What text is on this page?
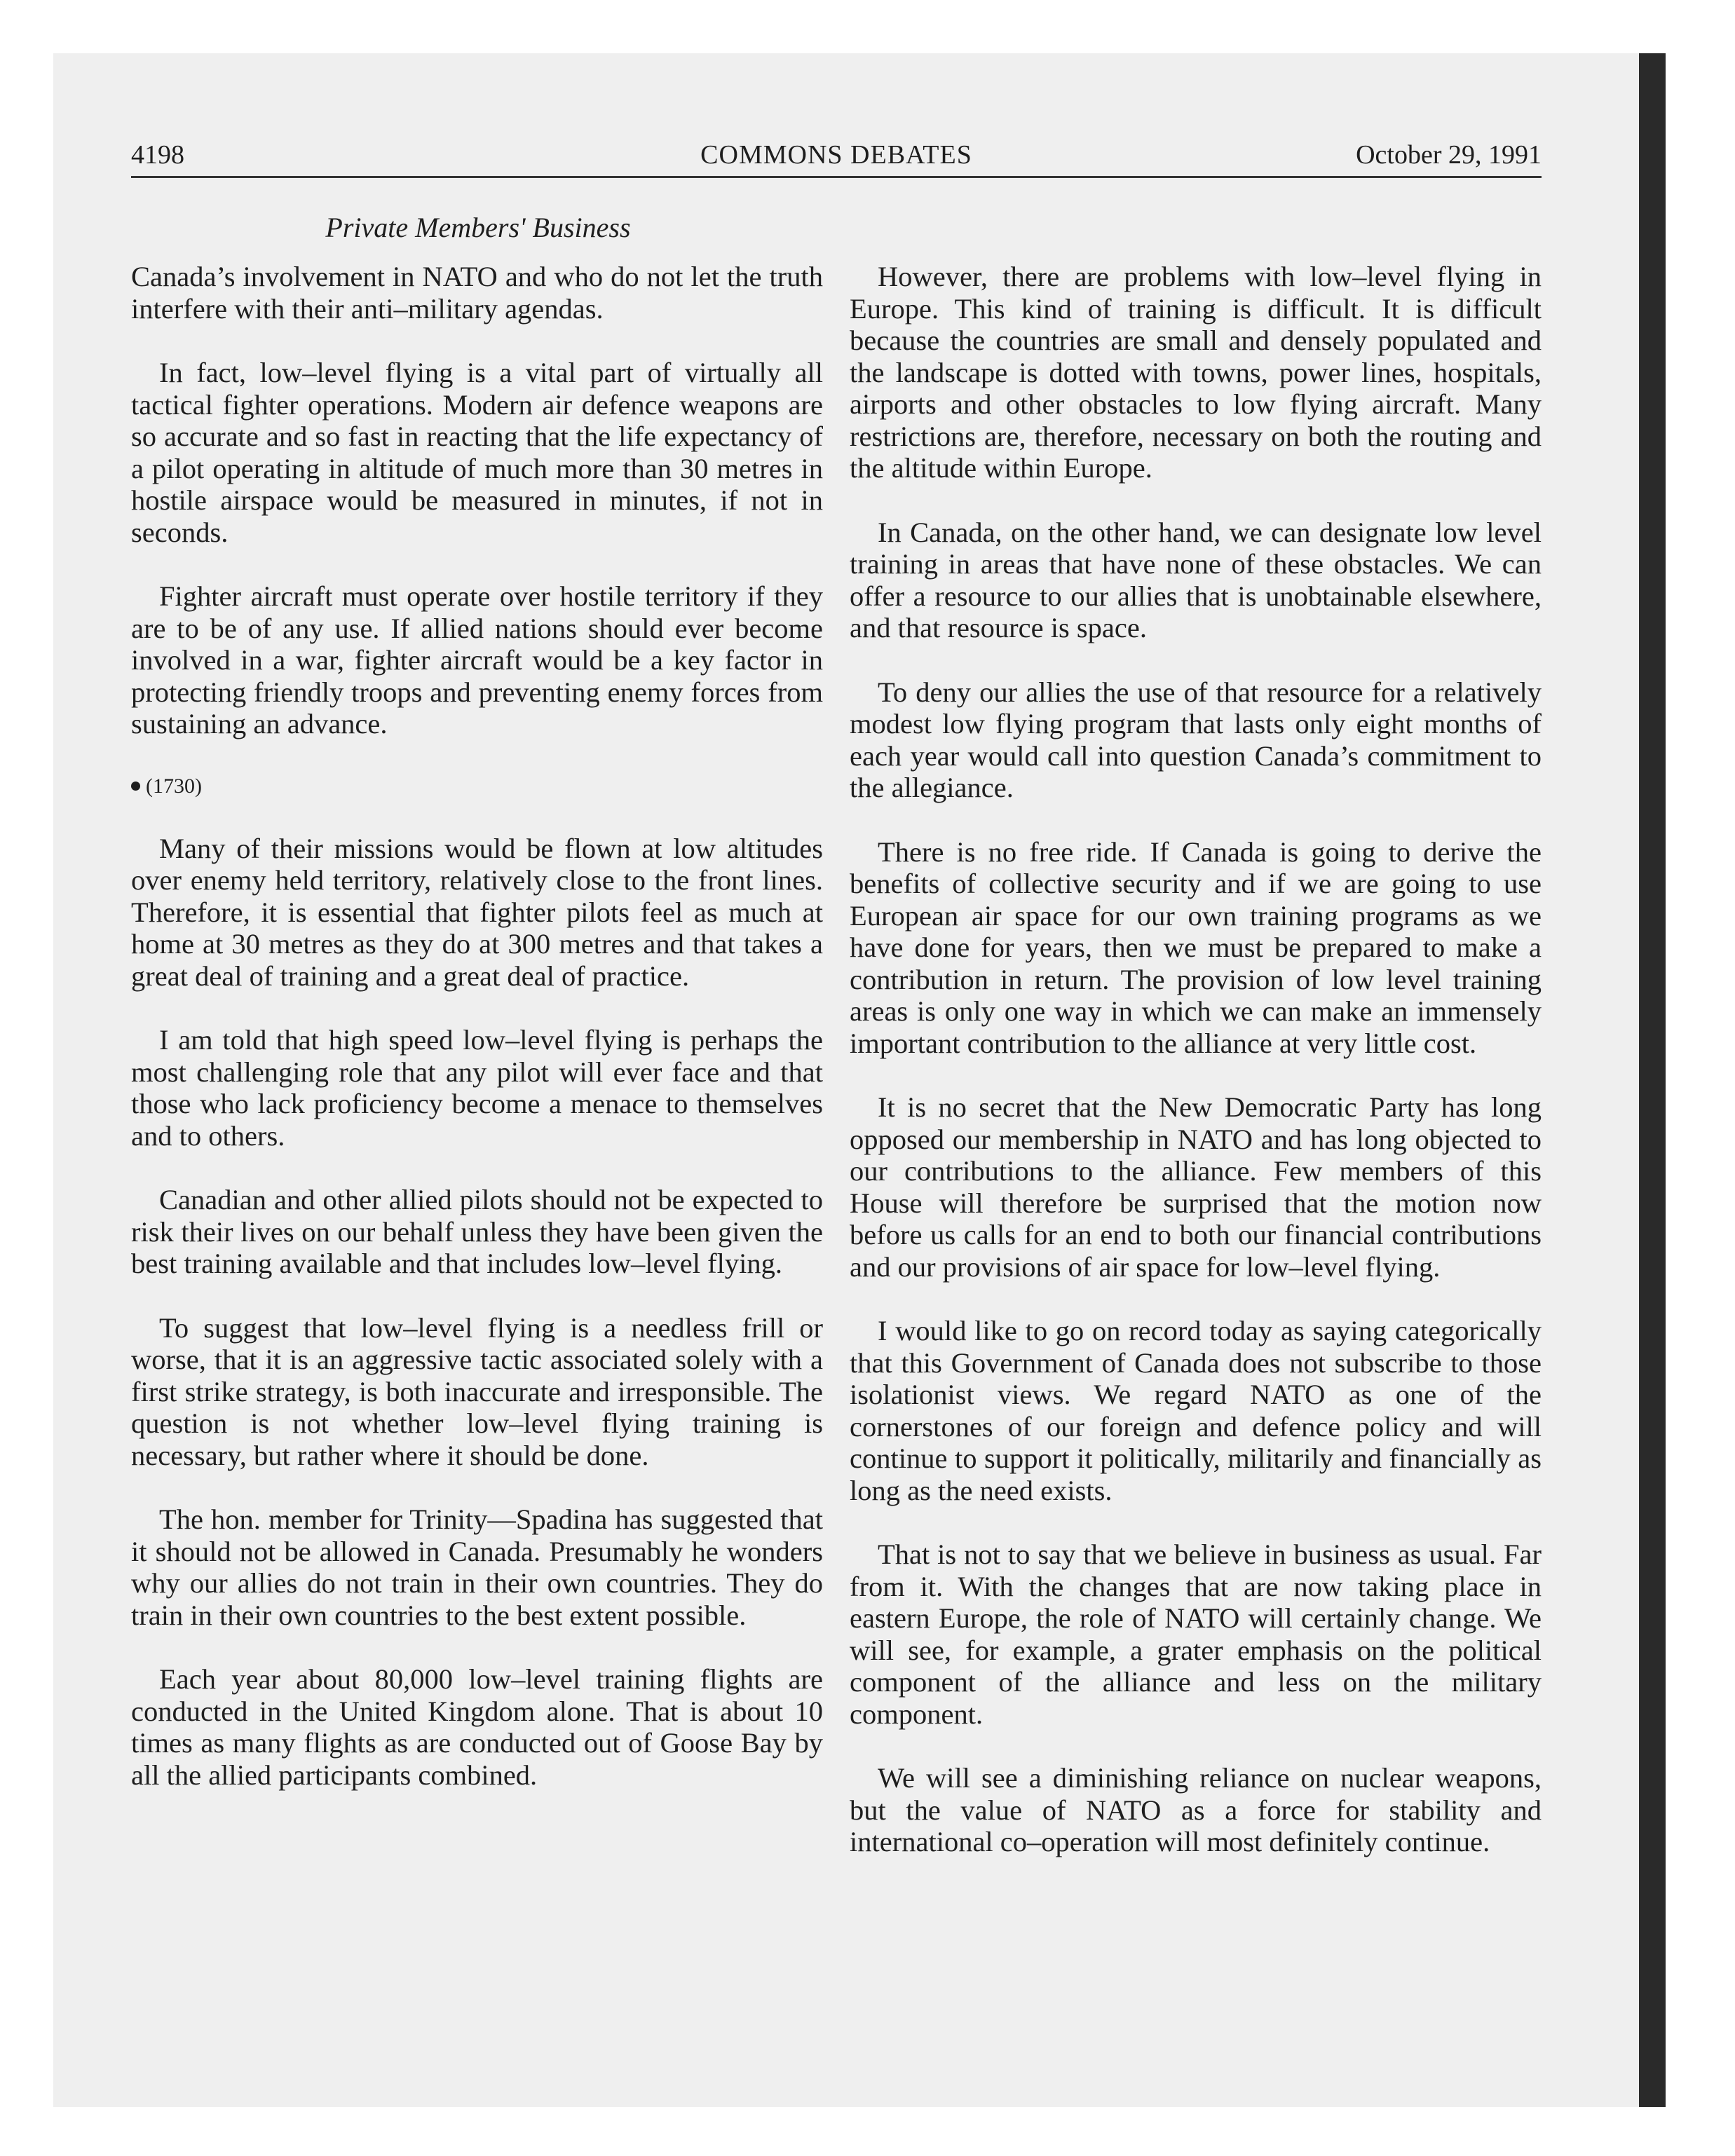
COMMONS DEBATES
4198	October 29, 1991
Private Members' Business

Canada’s involvement in NATO and who do not let the truth interfere with their anti–military agendas.

In fact, low–level flying is a vital part of virtually all tactical fighter operations. Modern air defence weapons are so accurate and so fast in reacting that the life expectancy of a pilot operating in altitude of much more than 30 metres in hostile airspace would be measured in minutes, if not in seconds.

Fighter aircraft must operate over hostile territory if they are to be of any use. If allied nations should ever become involved in a war, fighter aircraft would be a key factor in protecting friendly troops and preventing enemy forces from sustaining an advance.

(1730)

Many of their missions would be flown at low altitudes over enemy held territory, relatively close to the front lines. Therefore, it is essential that fighter pilots feel as much at home at 30 metres as they do at 300 metres and that takes a great deal of training and a great deal of practice.

I am told that high speed low–level flying is perhaps the most challenging role that any pilot will ever face and that those who lack proficiency become a menace to themselves and to others.

Canadian and other allied pilots should not be expected to risk their lives on our behalf unless they have been given the best training available and that includes low–level flying.

To suggest that low–level flying is a needless frill or worse, that it is an aggressive tactic associated solely with a first strike strategy, is both inaccurate and irresponsible. The question is not whether low–level flying training is necessary, but rather where it should be done.

The hon. member for Trinity—Spadina has suggested that it should not be allowed in Canada. Presumably he wonders why our allies do not train in their own countries. They do train in their own countries to the best extent possible.

Each year about 80,000 low–level training flights are conducted in the United Kingdom alone. That is about 10 times as many flights as are conducted out of Goose Bay by all the allied participants combined.

However, there are problems with low–level flying in Europe. This kind of training is difficult. It is difficult because the countries are small and densely populated and the landscape is dotted with towns, power lines, hospitals, airports and other obstacles to low flying aircraft. Many restrictions are, therefore, necessary on both the routing and the altitude within Europe.

In Canada, on the other hand, we can designate low level training in areas that have none of these obstacles. We can offer a resource to our allies that is unobtainable elsewhere, and that resource is space.

To deny our allies the use of that resource for a relatively modest low flying program that lasts only eight months of each year would call into question Canada’s commitment to the allegiance.

There is no free ride. If Canada is going to derive the benefits of collective security and if we are going to use European air space for our own training programs as we have done for years, then we must be prepared to make a contribution in return. The provision of low level training areas is only one way in which we can make an immensely important contribution to the alliance at very little cost.

It is no secret that the New Democratic Party has long opposed our membership in NATO and has long objected to our contributions to the alliance. Few members of this House will therefore be surprised that the motion now before us calls for an end to both our financial contributions and our provisions of air space for low–level flying.

I would like to go on record today as saying categorically that this Government of Canada does not subscribe to those isolationist views. We regard NATO as one of the cornerstones of our foreign and defence policy and will continue to support it politically, militarily and financially as long as the need exists.

That is not to say that we believe in business as usual. Far from it. With the changes that are now taking place in eastern Europe, the role of NATO will certainly change. We will see, for example, a grater emphasis on the political component of the alliance and less on the military component.

We will see a diminishing reliance on nuclear weapons, but the value of NATO as a force for stability and international co–operation will most definitely continue.
